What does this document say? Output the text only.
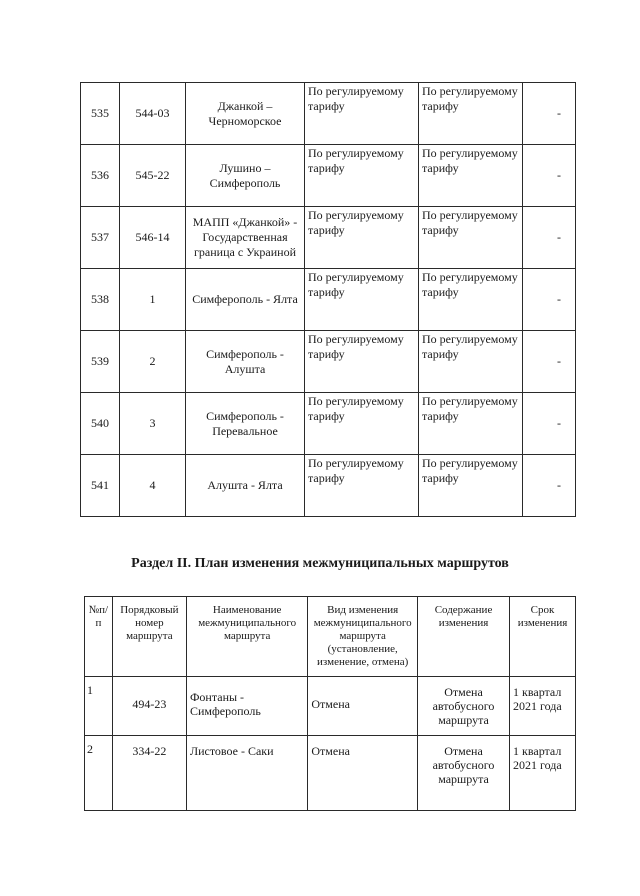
535	544-03	Джанкой – Черноморское	По регулируемому тарифу	По регулируемому тарифу	-
536	545-22	Лушино – Симферополь	По регулируемому тарифу	По регулируемому тарифу	-
537	546-14	МАПП «Джанкой» - Государственная граница с Украиной	По регулируемому тарифу	По регулируемому тарифу	-
538	1	Симферополь - Ялта	По регулируемому тарифу	По регулируемому тарифу	-
539	2	Симферополь - Алушта	По регулируемому тарифу	По регулируемому тарифу	-
540	3	Симферополь - Перевальное	По регулируемому тарифу	По регулируемому тарифу	-
541	4	Алушта - Ялта	По регулируемому тарифу	По регулируемому тарифу	-
Раздел II. План изменения межмуниципальных маршрутов
№п/п	Порядковый номер маршрута	Наименование межмуниципального маршрута	Вид изменения межмуниципального маршрута (установление, изменение, отмена)	Содержание изменения	Срок изменения
1	494-23	Фонтаны - Симферополь	Отмена	Отмена автобусного маршрута	1 квартал 2021 года
2	334-22	Листовое - Саки	Отмена	Отмена автобусного маршрута	1 квартал 2021 года
